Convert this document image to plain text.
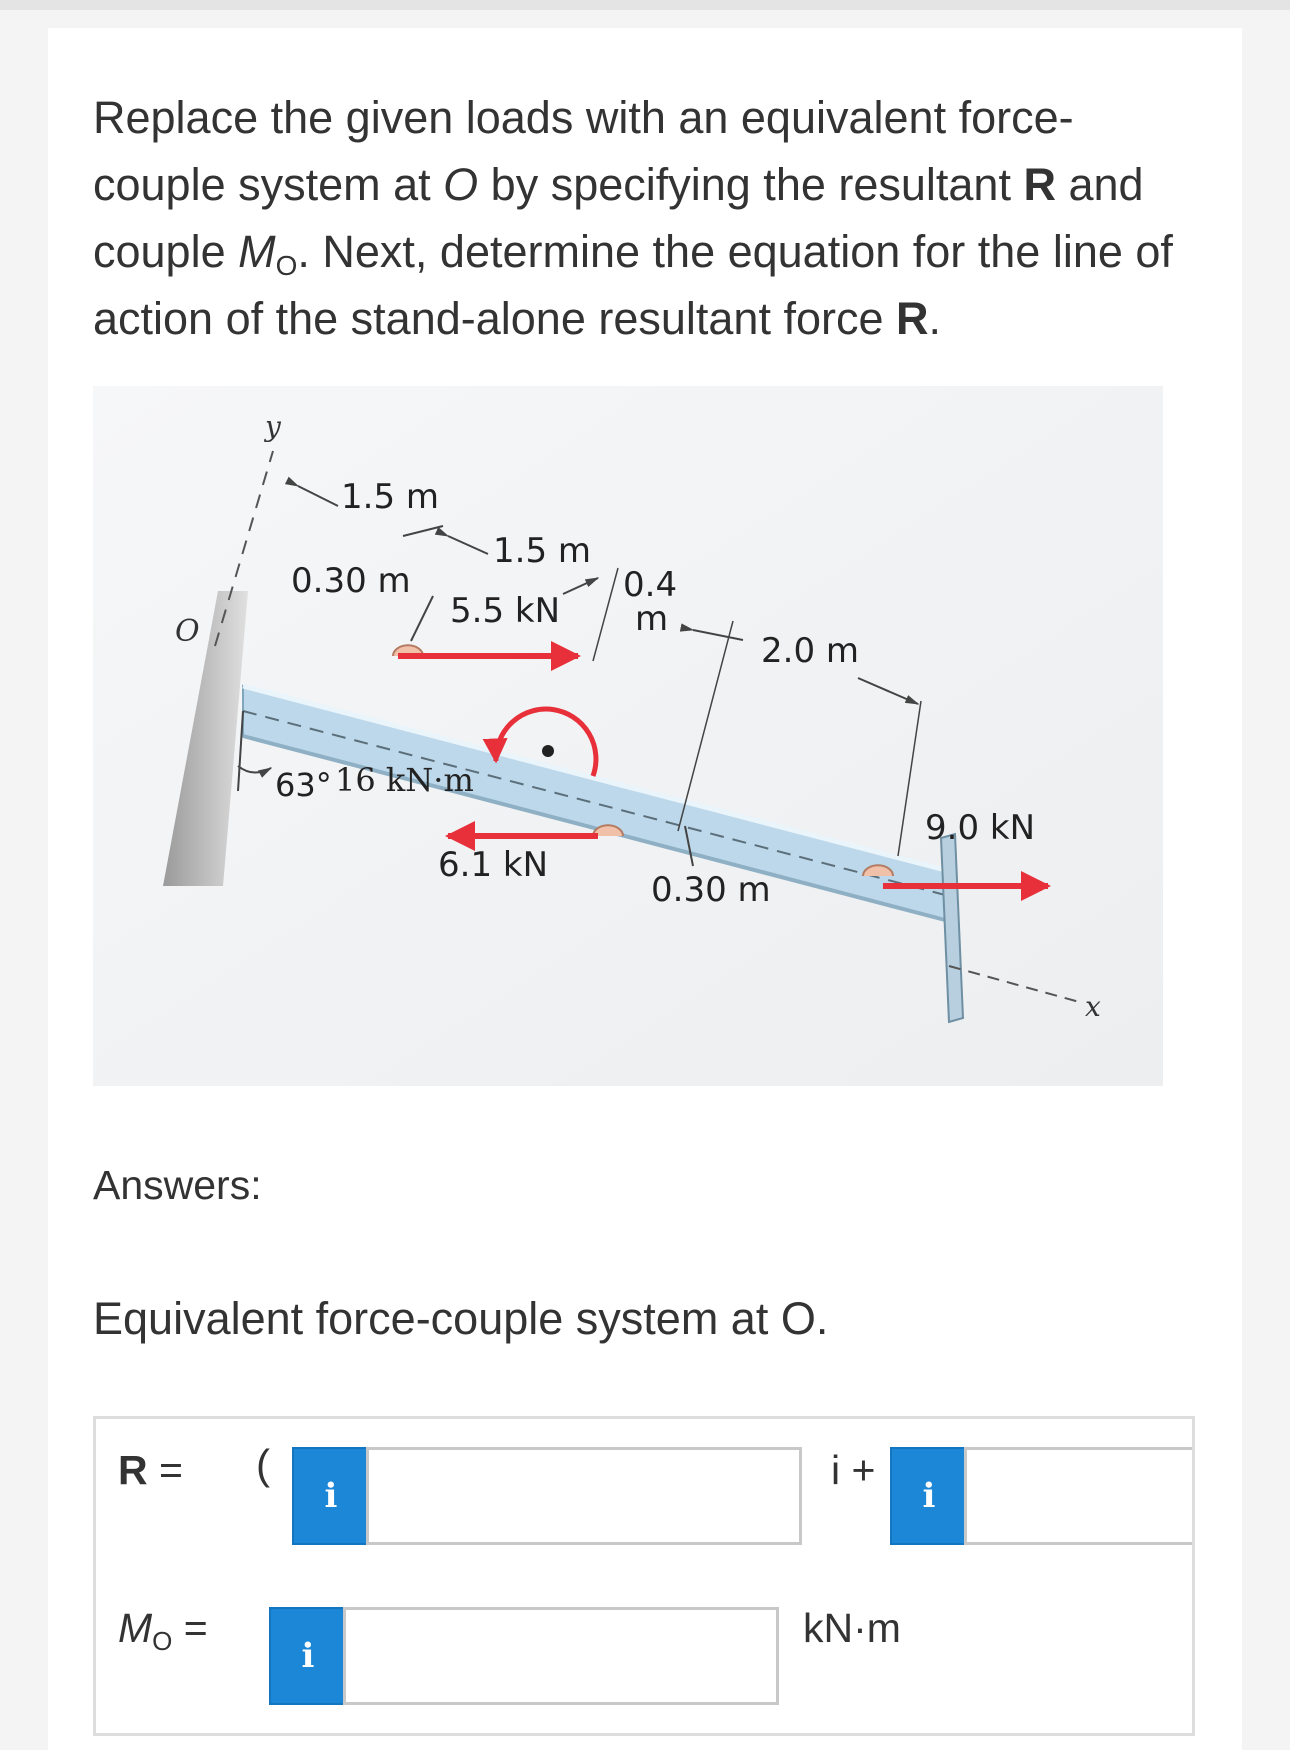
Replace the given loads with an equivalent force-couple system at O by specifying the resultant R and couple $M_O$. Next, determine the equation for the line of action of the stand-alone resultant force R.

y
x
O
63°
1.5 m
1.5 m
0.30 m	0.4
m
2.0 m
5.5 kN
16 kN·m
6.1 kN
0.30 m
9.0 kN
Answers:
Equivalent force-couple system at O.
R = (
i
i +
i
$M_O$ =
i
kN·m
